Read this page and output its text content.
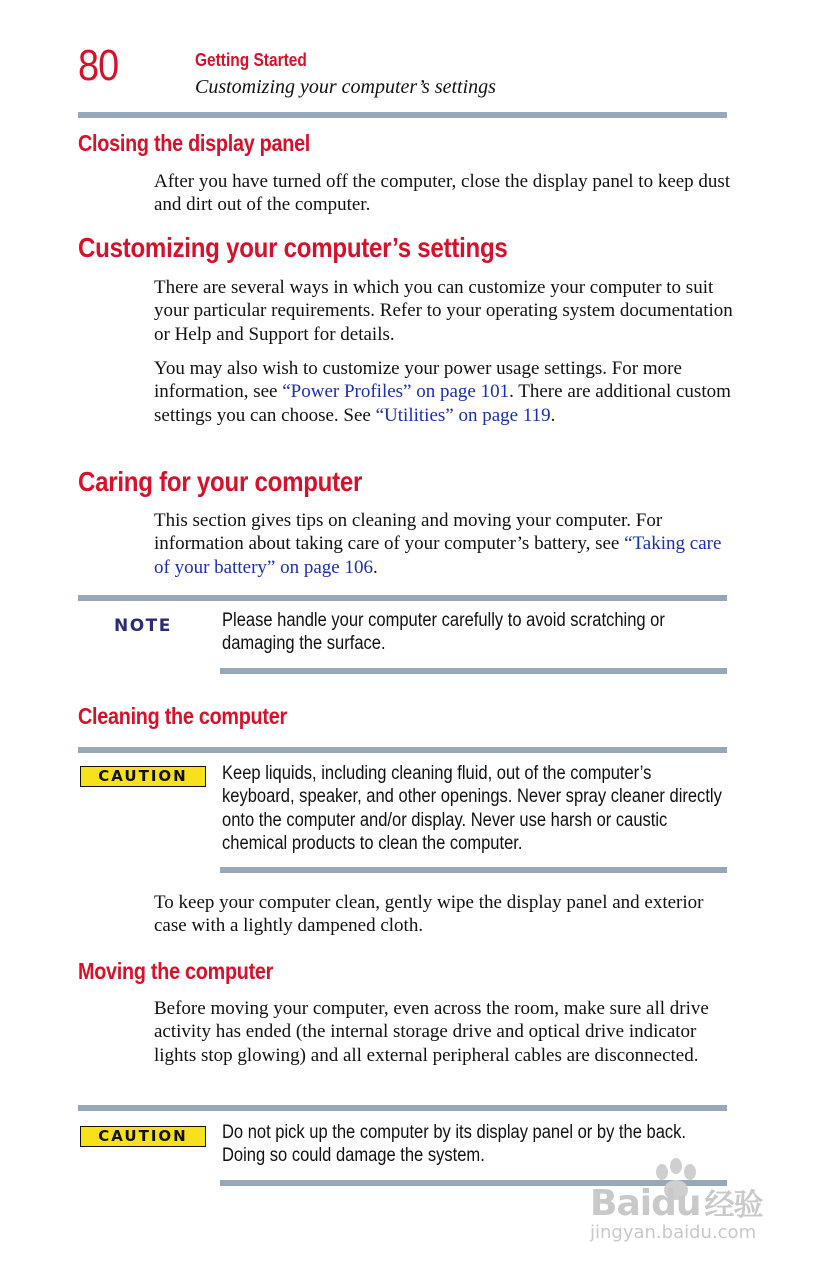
80	Getting Started
Customizing your computer’s settings
Closing the display panel
After you have turned off the computer, close the display panel to keep dust and dirt out of the computer.
Customizing your computer’s settings
There are several ways in which you can customize your computer to suit your particular requirements. Refer to your operating system documentation or Help and Support for details.
You may also wish to customize your power usage settings. For more information, see “Power Profiles” on page 101. There are additional custom settings you can choose. See “Utilities” on page 119.
Caring for your computer
This section gives tips on cleaning and moving your computer. For information about taking care of your computer’s battery, see “Taking care of your battery” on page 106.
NOTE	Please handle your computer carefully to avoid scratching or damaging the surface.
Cleaning the computer
CAUTION	Keep liquids, including cleaning fluid, out of the computer’s keyboard, speaker, and other openings. Never spray cleaner directly onto the computer and/or display. Never use harsh or caustic chemical products to clean the computer.
To keep your computer clean, gently wipe the display panel and exterior case with a lightly dampened cloth.
Moving the computer
Before moving your computer, even across the room, make sure all drive activity has ended (the internal storage drive and optical drive indicator lights stop glowing) and all external peripheral cables are disconnected.
CAUTION	Do not pick up the computer by its display panel or by the back. Doing so could damage the system.
Baidu 经验
jingyan.baidu.com
